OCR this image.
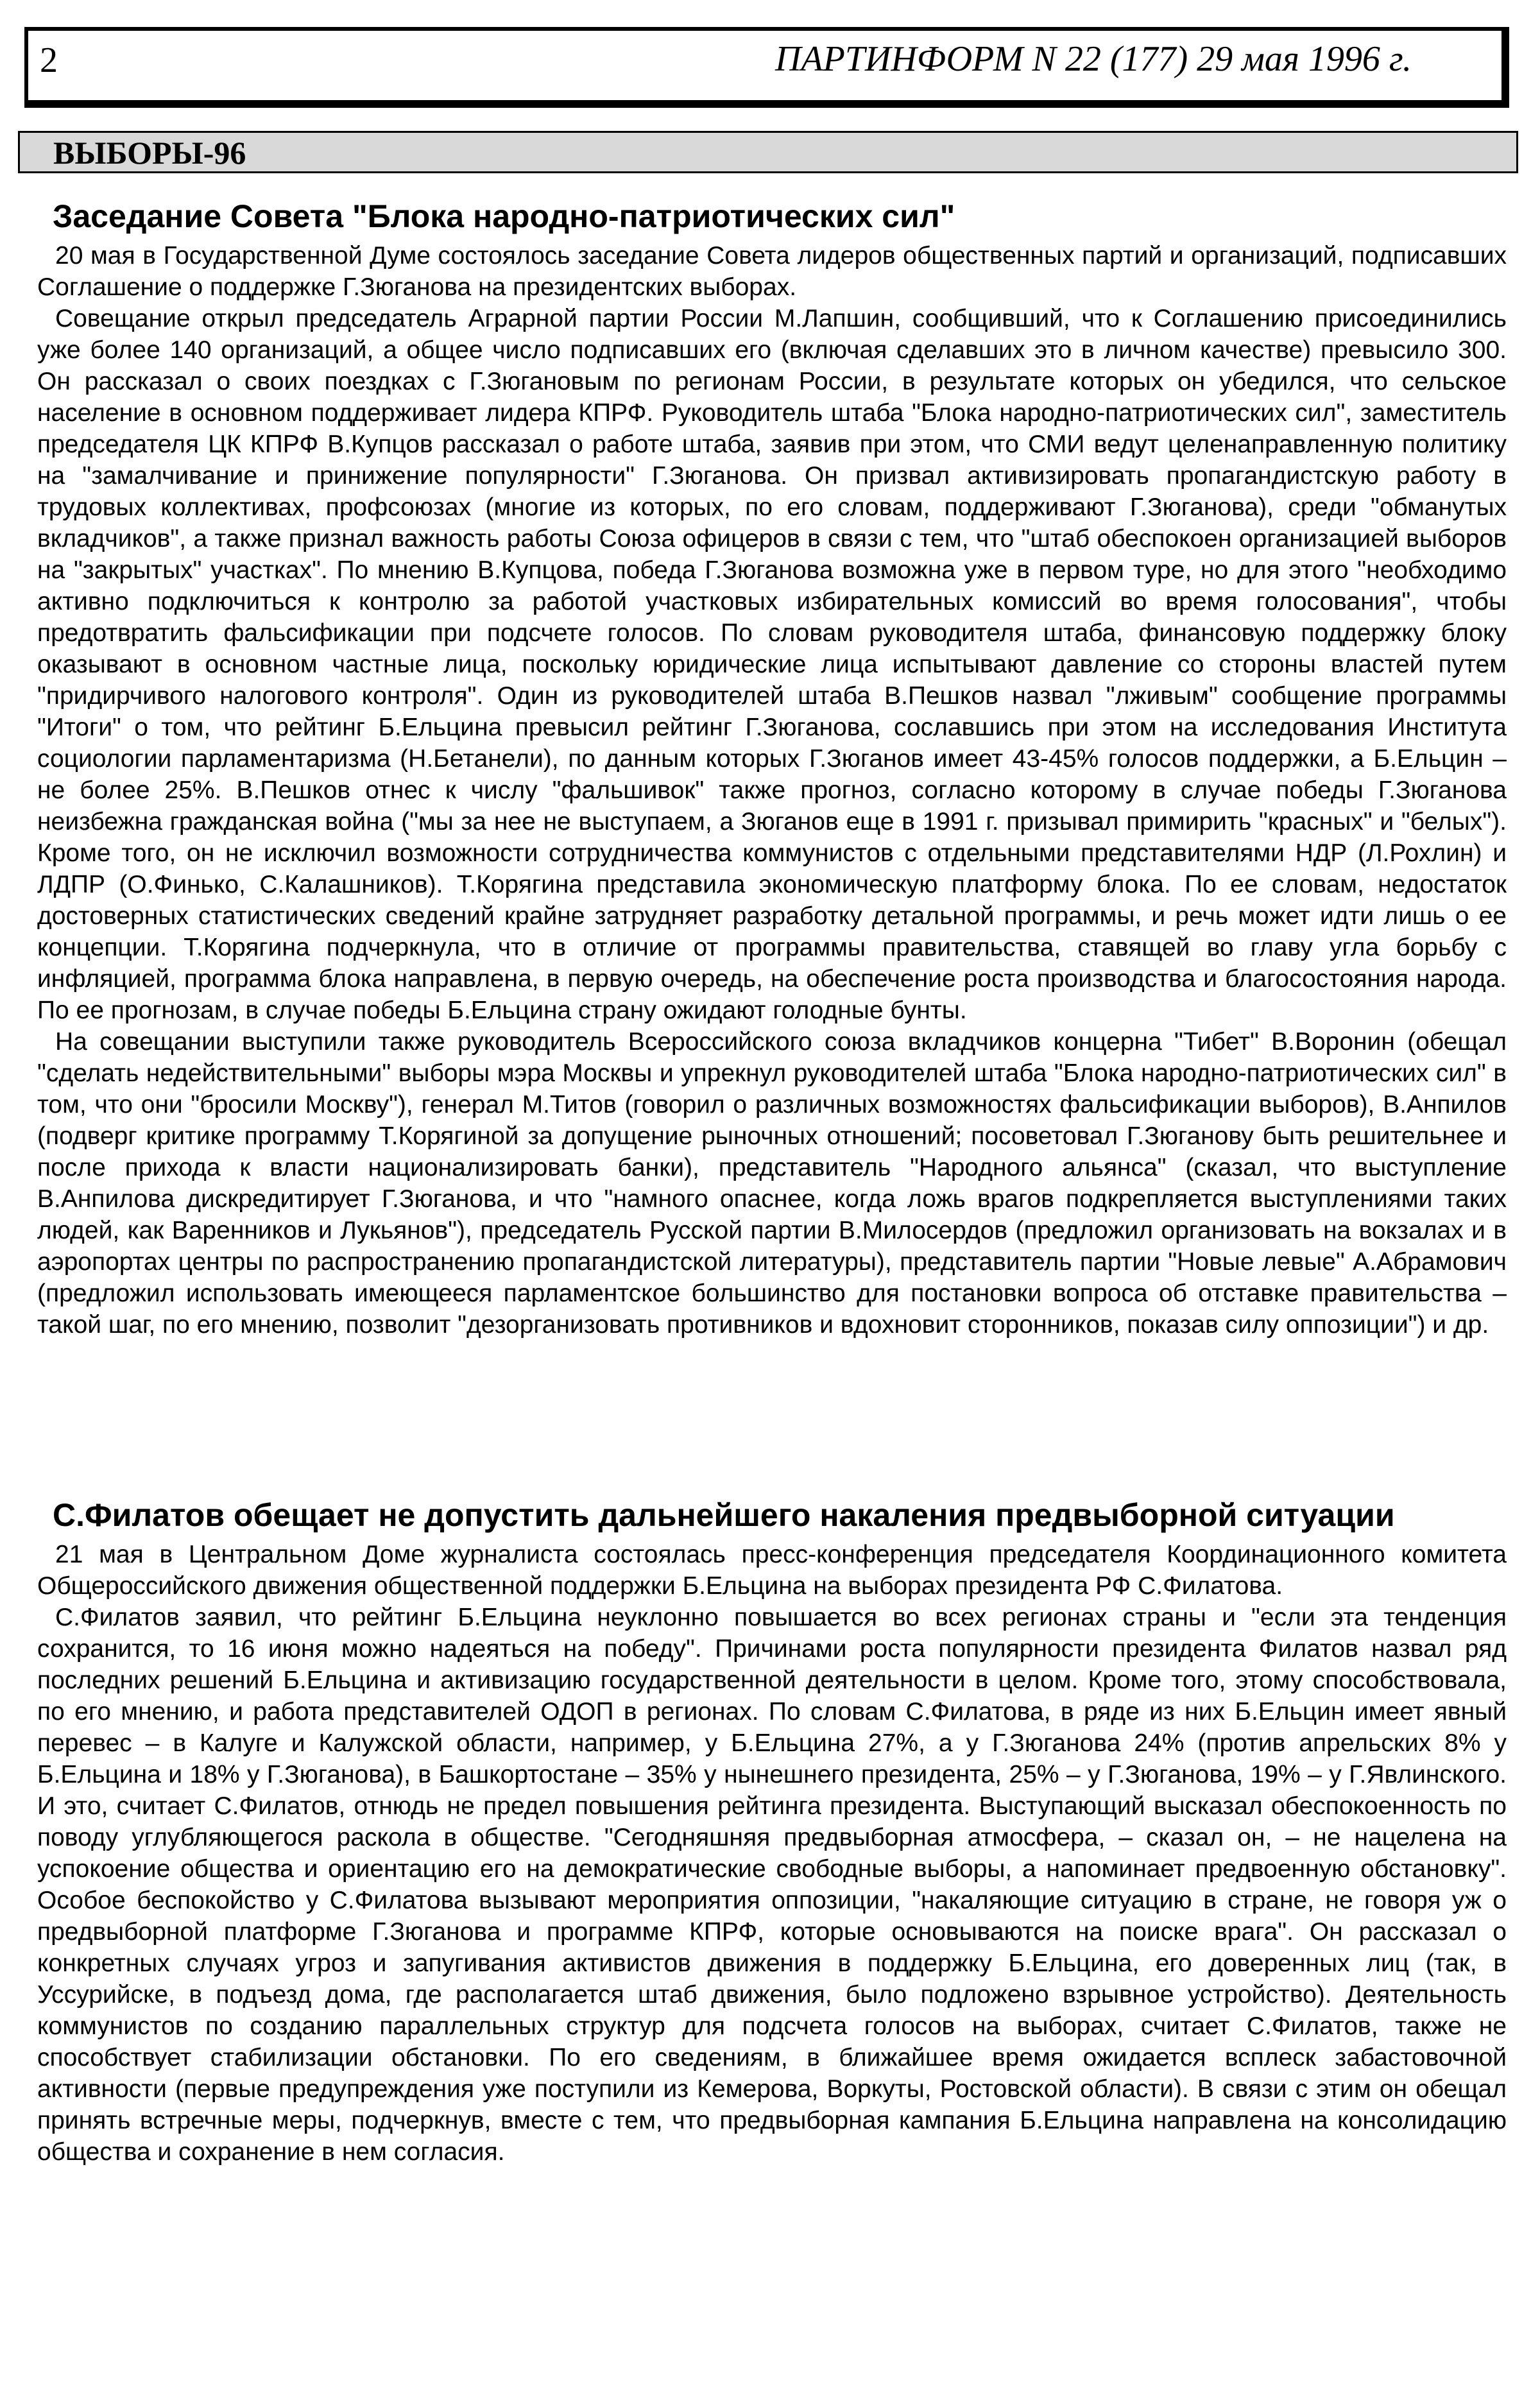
2	ПАРТИНФОРМ N 22 (177) 29 мая 1996 г.
ВЫБОРЫ-96
Заседание Совета "Блока народно-патриотических сил"

20 мая в Государственной Думе состоялось заседание Совета лидеров общественных партий и организаций, подписавших Соглашение о поддержке Г.Зюганова на президентских выборах.

Совещание открыл председатель Аграрной партии России М.Лапшин, сообщивший, что к Соглашению присоединились уже более 140 организаций, а общее число подписавших его (включая сделавших это в личном качестве) превысило 300. Он рассказал о своих поездках с Г.Зюгановым по регионам России, в результате которых он убедился, что сельское население в основном поддерживает лидера КПРФ. Руководитель штаба "Блока народно-патриотических сил", заместитель председателя ЦК КПРФ В.Купцов рассказал о работе штаба, заявив при этом, что СМИ ведут целенаправленную политику на "замалчивание и принижение популярности" Г.Зюганова. Он призвал активизировать пропагандистскую работу в трудовых коллективах, профсоюзах (многие из которых, по его словам, поддерживают Г.Зюганова), среди "обманутых вкладчиков", а также признал важность работы Союза офицеров в связи с тем, что "штаб обеспокоен организацией выборов на "закрытых" участках". По мнению В.Купцова, победа Г.Зюганова возможна уже в первом туре, но для этого "необходимо активно подключиться к контролю за работой участковых избирательных комиссий во время голосования", чтобы предотвратить фальсификации при подсчете голосов. По словам руководителя штаба, финансовую поддержку блоку оказывают в основном частные лица, поскольку юридические лица испытывают давление со стороны властей путем "придирчивого налогового контроля". Один из руководителей штаба В.Пешков назвал "лживым" сообщение программы "Итоги" о том, что рейтинг Б.Ельцина превысил рейтинг Г.Зюганова, сославшись при этом на исследования Института социологии парламентаризма (Н.Бетанели), по данным которых Г.Зюганов имеет 43-45% голосов поддержки, а Б.Ельцин – не более 25%. В.Пешков отнес к числу "фальшивок" также прогноз, согласно которому в случае победы Г.Зюганова неизбежна гражданская война ("мы за нее не выступаем, а Зюганов еще в 1991 г. призывал примирить "красных" и "белых"). Кроме того, он не исключил возможности сотрудничества коммунистов с отдельными представителями НДР (Л.Рохлин) и ЛДПР (О.Финько, С.Калашников). Т.Корягина представила экономическую платформу блока. По ее словам, недостаток достоверных статистических сведений крайне затрудняет разработку детальной программы, и речь может идти лишь о ее концепции. Т.Корягина подчеркнула, что в отличие от программы правительства, ставящей во главу угла борьбу с инфляцией, программа блока направлена, в первую очередь, на обеспечение роста производства и благосостояния народа. По ее прогнозам, в случае победы Б.Ельцина страну ожидают голодные бунты.

На совещании выступили также руководитель Всероссийского союза вкладчиков концерна "Тибет" В.Воронин (обещал "сделать недействительными" выборы мэра Москвы и упрекнул руководителей штаба "Блока народно-патриотических сил" в том, что они "бросили Москву"), генерал М.Титов (говорил о различных возможностях фальсификации выборов), В.Анпилов (подверг критике программу Т.Корягиной за допущение рыночных отношений; посоветовал Г.Зюганову быть решительнее и после прихода к власти национализировать банки), представитель "Народного альянса" (сказал, что выступление В.Анпилова дискредитирует Г.Зюганова, и что "намного опаснее, когда ложь врагов подкрепляется выступлениями таких людей, как Варенников и Лукьянов"), председатель Русской партии В.Милосердов (предложил организовать на вокзалах и в аэропортах центры по распространению пропагандистской литературы), представитель партии "Новые левые" А.Абрамович (предложил использовать имеющееся парламентское большинство для постановки вопроса об отставке правительства – такой шаг, по его мнению, позволит "дезорганизовать противников и вдохновит сторонников, показав силу оппозиции") и др.

С.Филатов обещает не допустить дальнейшего накаления предвыборной ситуации

21 мая в Центральном Доме журналиста состоялась пресс-конференция председателя Координационного комитета Общероссийского движения общественной поддержки Б.Ельцина на выборах президента РФ С.Филатова.

С.Филатов заявил, что рейтинг Б.Ельцина неуклонно повышается во всех регионах страны и "если эта тенденция сохранится, то 16 июня можно надеяться на победу". Причинами роста популярности президента Филатов назвал ряд последних решений Б.Ельцина и активизацию государственной деятельности в целом. Кроме того, этому способствовала, по его мнению, и работа представителей ОДОП в регионах. По словам С.Филатова, в ряде из них Б.Ельцин имеет явный перевес – в Калуге и Калужской области, например, у Б.Ельцина 27%, а у Г.Зюганова 24% (против апрельских 8% у Б.Ельцина и 18% у Г.Зюганова), в Башкортостане – 35% у нынешнего президента, 25% – у Г.Зюганова, 19% – у Г.Явлинского. И это, считает С.Филатов, отнюдь не предел повышения рейтинга президента. Выступающий высказал обеспокоенность по поводу углубляющегося раскола в обществе. "Сегодняшняя предвыборная атмосфера, – сказал он, – не нацелена на успокоение общества и ориентацию его на демократические свободные выборы, а напоминает предвоенную обстановку". Особое беспокойство у С.Филатова вызывают мероприятия оппозиции, "накаляющие ситуацию в стране, не говоря уж о предвыборной платформе Г.Зюганова и программе КПРФ, которые основываются на поиске врага". Он рассказал о конкретных случаях угроз и запугивания активистов движения в поддержку Б.Ельцина, его доверенных лиц (так, в Уссурийске, в подъезд дома, где располагается штаб движения, было подложено взрывное устройство). Деятельность коммунистов по созданию параллельных структур для подсчета голосов на выборах, считает С.Филатов, также не способствует стабилизации обстановки. По его сведениям, в ближайшее время ожидается всплеск забастовочной активности (первые предупреждения уже поступили из Кемерова, Воркуты, Ростовской области). В связи с этим он обещал принять встречные меры, подчеркнув, вместе с тем, что предвыборная кампания Б.Ельцина направлена на консолидацию общества и сохранение в нем согласия.
